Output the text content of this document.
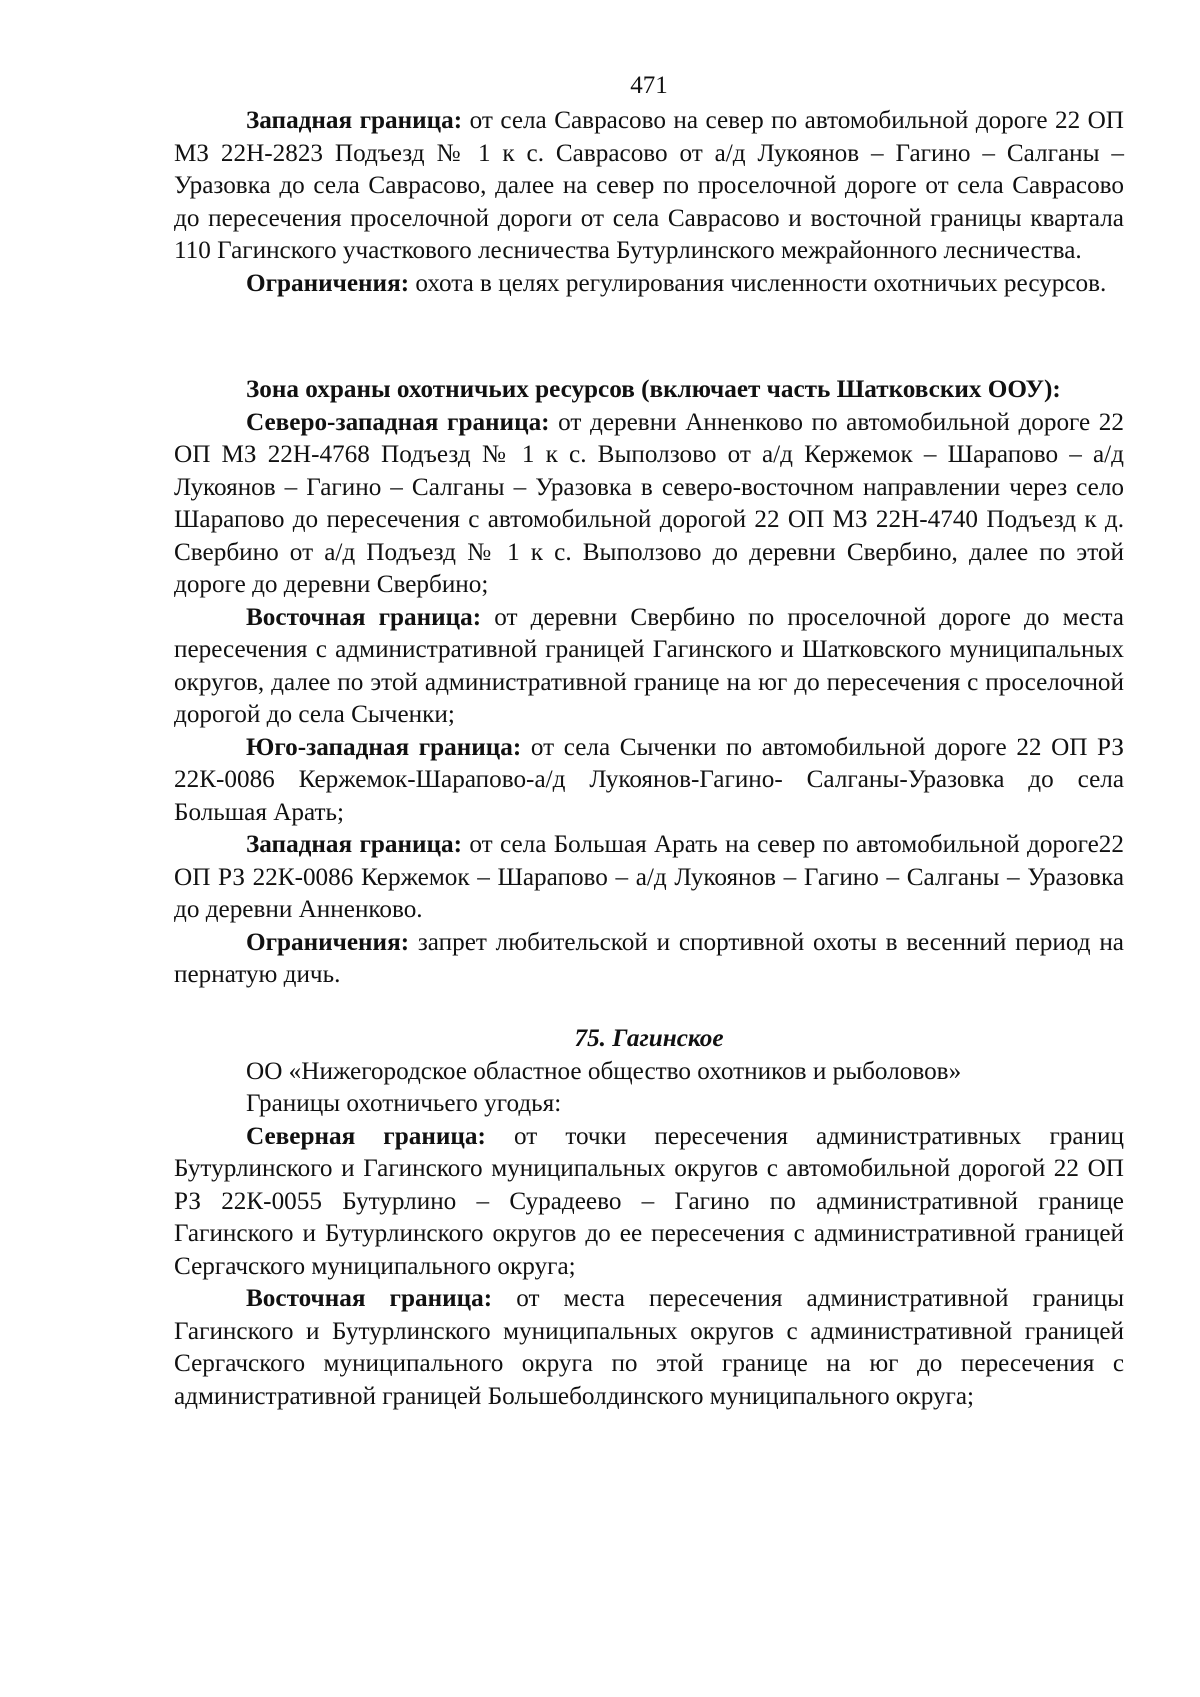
471

Западная граница: от села Саврасово на север по автомобильной дороге 22 ОП МЗ 22Н-2823 Подъезд № 1 к с. Саврасово от а/д Лукоянов – Гагино – Салганы – Уразовка до села Саврасово, далее на север по проселочной дороге от села Саврасово до пересечения проселочной дороги от села Саврасово и восточной границы квартала 110 Гагинского участкового лесничества Бутурлинского межрайонного лесничества.

Ограничения: охота в целях регулирования численности охотничьих ресурсов.

Зона охраны охотничьих ресурсов (включает часть Шатковских ООУ):

Северо-западная граница: от деревни Анненково по автомобильной дороге 22 ОП МЗ 22Н-4768 Подъезд № 1 к с. Выползово от а/д Кержемок – Шарапово – а/д Лукоянов – Гагино – Салганы – Уразовка в северо-восточном направлении через село Шарапово до пересечения с автомобильной дорогой 22 ОП МЗ 22Н-4740 Подъезд к д. Свербино от а/д Подъезд № 1 к с. Выползово до деревни Свербино, далее по этой дороге до деревни Свербино;

Восточная граница: от деревни Свербино по проселочной дороге до места пересечения с административной границей Гагинского и Шатковского муниципальных округов, далее по этой административной границе на юг до пересечения с проселочной дорогой до села Сыченки;

Юго-западная граница: от села Сыченки по автомобильной дороге 22 ОП РЗ 22К-0086 Кержемок-Шарапово-а/д Лукоянов-Гагино- Салганы-Уразовка до села Большая Арать;

Западная граница: от села Большая Арать на север по автомобильной дороге22 ОП РЗ 22К-0086 Кержемок – Шарапово – а/д Лукоянов – Гагино – Салганы – Уразовка до деревни Анненково.

Ограничения: запрет любительской и спортивной охоты в весенний период на пернатую дичь.

75. Гагинское

ОО «Нижегородское областное общество охотников и рыболовов»

Границы охотничьего угодья:

Северная граница: от точки пересечения административных границ Бутурлинского и Гагинского муниципальных округов с автомобильной дорогой 22 ОП РЗ 22К-0055 Бутурлино – Сурадеево – Гагино по административной границе Гагинского и Бутурлинского округов до ее пересечения с административной границей Сергачского муниципального округа;

Восточная граница: от места пересечения административной границы Гагинского и Бутурлинского муниципальных округов с административной границей Сергачского муниципального округа по этой границе на юг до пересечения с административной границей Большеболдинского муниципального округа;
